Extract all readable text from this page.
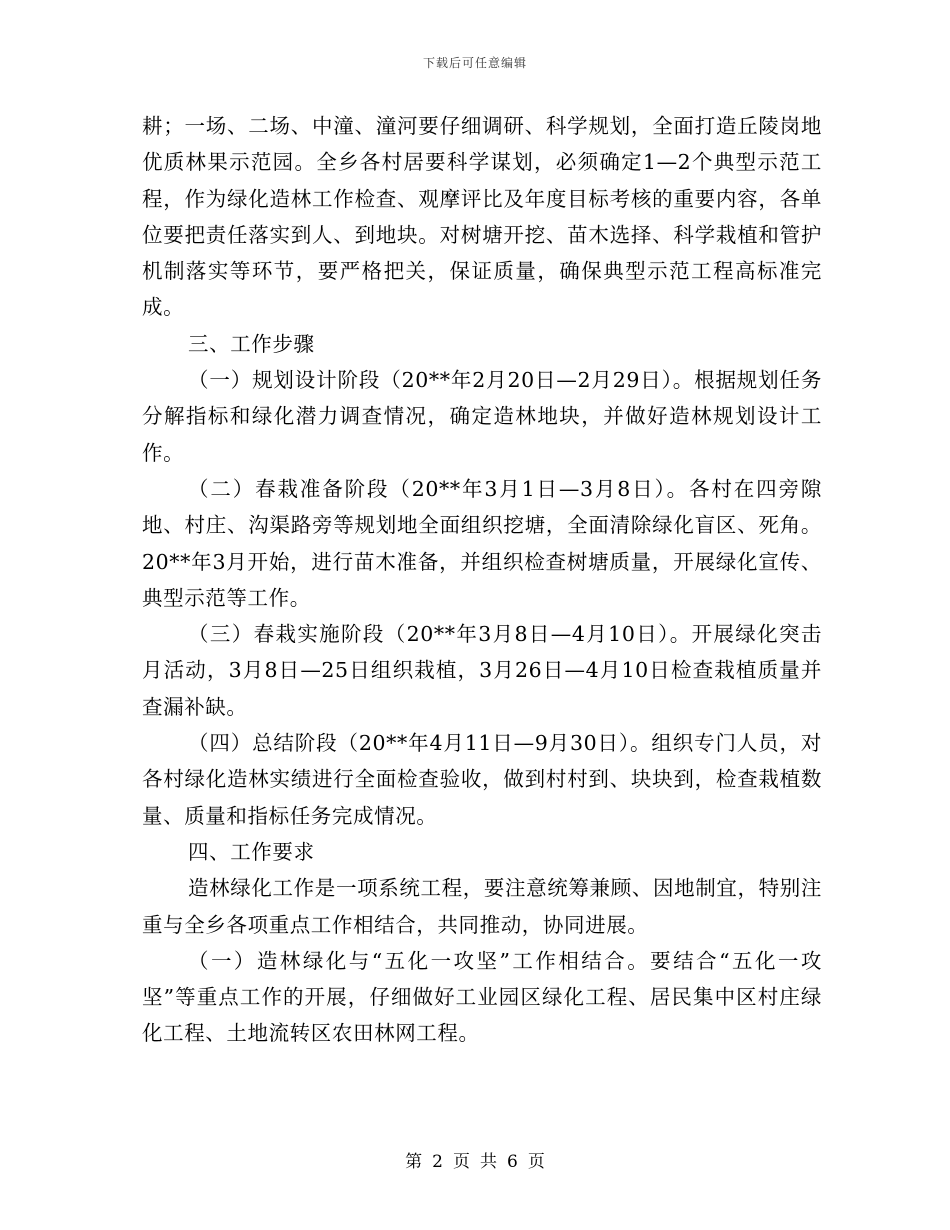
下载后可任意编辑

耕；一场、二场、中潼、潼河要仔细调研、科学规划，全面打造丘陵岗地优质林果示范园。全乡各村居要科学谋划，必须确定1—2个典型示范工程，作为绿化造林工作检查、观摩评比及年度目标考核的重要内容，各单位要把责任落实到人、到地块。对树塘开挖、苗木选择、科学栽植和管护机制落实等环节，要严格把关，保证质量，确保典型示范工程高标准完成。

三、工作步骤

（一）规划设计阶段（20**年2月20日—2月29日）。根据规划任务分解指标和绿化潜力调查情况，确定造林地块，并做好造林规划设计工作。

（二）春栽准备阶段（20**年3月1日—3月8日）。各村在四旁隙地、村庄、沟渠路旁等规划地全面组织挖塘，全面清除绿化盲区、死角。20**年3月开始，进行苗木准备，并组织检查树塘质量，开展绿化宣传、典型示范等工作。

（三）春栽实施阶段（20**年3月8日—4月10日）。开展绿化突击月活动，3月8日—25日组织栽植，3月26日—4月10日检查栽植质量并查漏补缺。

（四）总结阶段（20**年4月11日—9月30日）。组织专门人员，对各村绿化造林实绩进行全面检查验收，做到村村到、块块到，检查栽植数量、质量和指标任务完成情况。

四、工作要求

造林绿化工作是一项系统工程，要注意统筹兼顾、因地制宜，特别注重与全乡各项重点工作相结合，共同推动，协同进展。

（一）造林绿化与“五化一攻坚”工作相结合。要结合“五化一攻坚”等重点工作的开展，仔细做好工业园区绿化工程、居民集中区村庄绿化工程、土地流转区农田林网工程。

第 2 页 共 6 页
